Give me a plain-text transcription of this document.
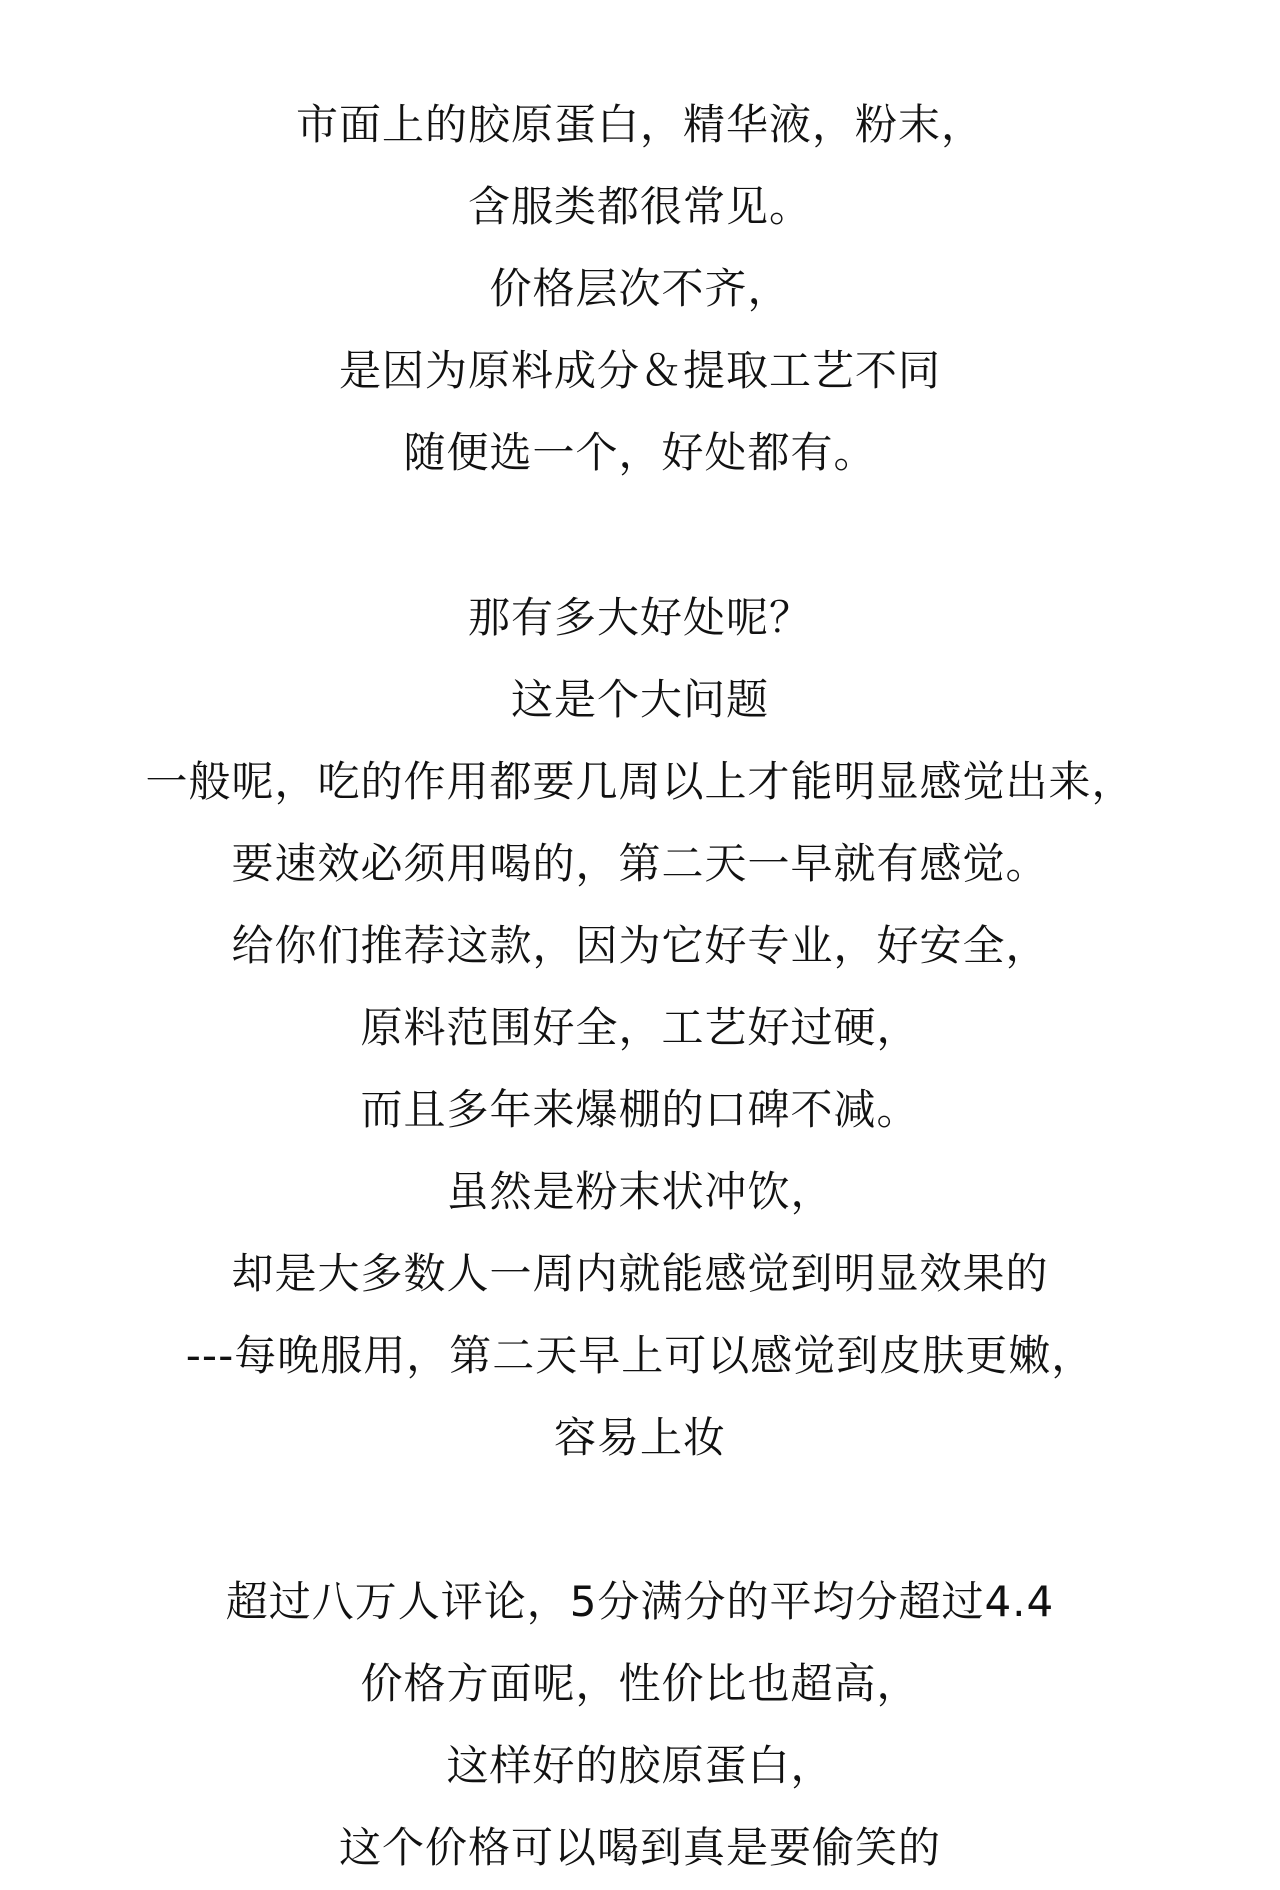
市面上的胶原蛋白，精华液，粉末，
含服类都很常见。
价格层次不齐，
是因为原料成分＆提取工艺不同
随便选一个，好处都有。
那有多大好处呢？
这是个大问题
一般呢，吃的作用都要几周以上才能明显感觉出来，
要速效必须用喝的，第二天一早就有感觉。
给你们推荐这款，因为它好专业，好安全，
原料范围好全，工艺好过硬，
而且多年来爆棚的口碑不减。
虽然是粉末状冲饮，
却是大多数人一周内就能感觉到明显效果的
---每晚服用，第二天早上可以感觉到皮肤更嫩，
容易上妆
超过八万人评论，5分满分的平均分超过4.4
价格方面呢，性价比也超高，
这样好的胶原蛋白，
这个价格可以喝到真是要偷笑的
